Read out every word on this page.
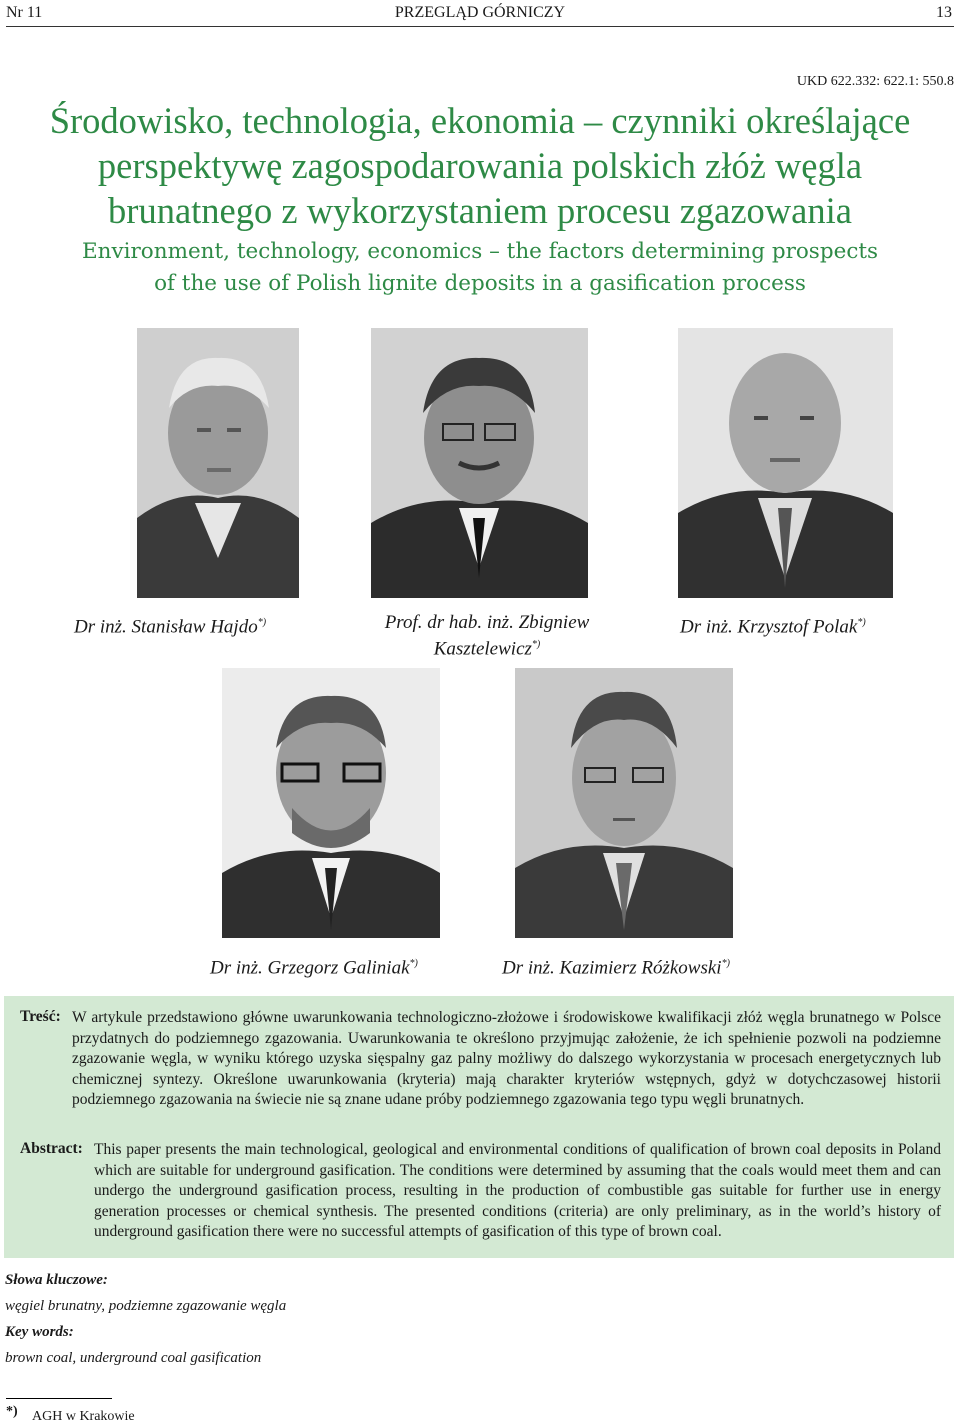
Nr 11	PRZEGLĄD GÓRNICZY	13
UKD 622.332: 622.1: 550.8
Środowisko, technologia, ekonomia – czynniki określające
perspektywę zagospodarowania polskich złóż węgla
brunatnego z wykorzystaniem procesu zgazowania
Environment, technology, economics – the factors determining prospects
of the use of Polish lignite deposits in a gasification process
Dr inż. Stanisław Hajdo*)	Prof. dr hab. inż. Zbigniew
Kasztelewicz*)
Dr inż. Krzysztof Polak*)
Dr inż. Grzegorz Galiniak*)	Dr inż. Kazimierz Różkowski*)
Treść: W artykule przedstawiono główne uwarunkowania technologiczno-złożowe i środowiskowe kwalifikacji złóż węgla brunatnego w Polsce przydatnych do podziemnego zgazowania. Uwarunkowania te określono przyjmując założenie, że ich spełnienie pozwoli na podziemne zgazowanie węgla, w wyniku którego uzyska sięspalny gaz palny możliwy do dalszego wykorzystania w procesach energetycznych lub chemicznej syntezy. Określone uwarunkowania (kryteria) mają charakter kryteriów wstępnych, gdyż w dotychczasowej historii podziemnego zgazowania na świecie nie są znane udane próby podziemnego zgazowania tego typu węgli brunatnych.
Abstract: This paper presents the main technological, geological and environmental conditions of qualification of brown coal deposits in Poland which are suitable for underground gasification. The conditions were determined by assuming that the coals would meet them and can undergo the underground gasification process, resulting in the production of combustible gas suitable for further use in energy generation processes or chemical synthesis. The presented conditions (criteria) are only preliminary, as in the world’s history of underground gasification there were no successful attempts of gasification of this type of brown coal.
Słowa kluczowe:
węgiel brunatny, podziemne zgazowanie węgla
Key words:
brown coal, underground coal gasification
*) AGH w Krakowie
